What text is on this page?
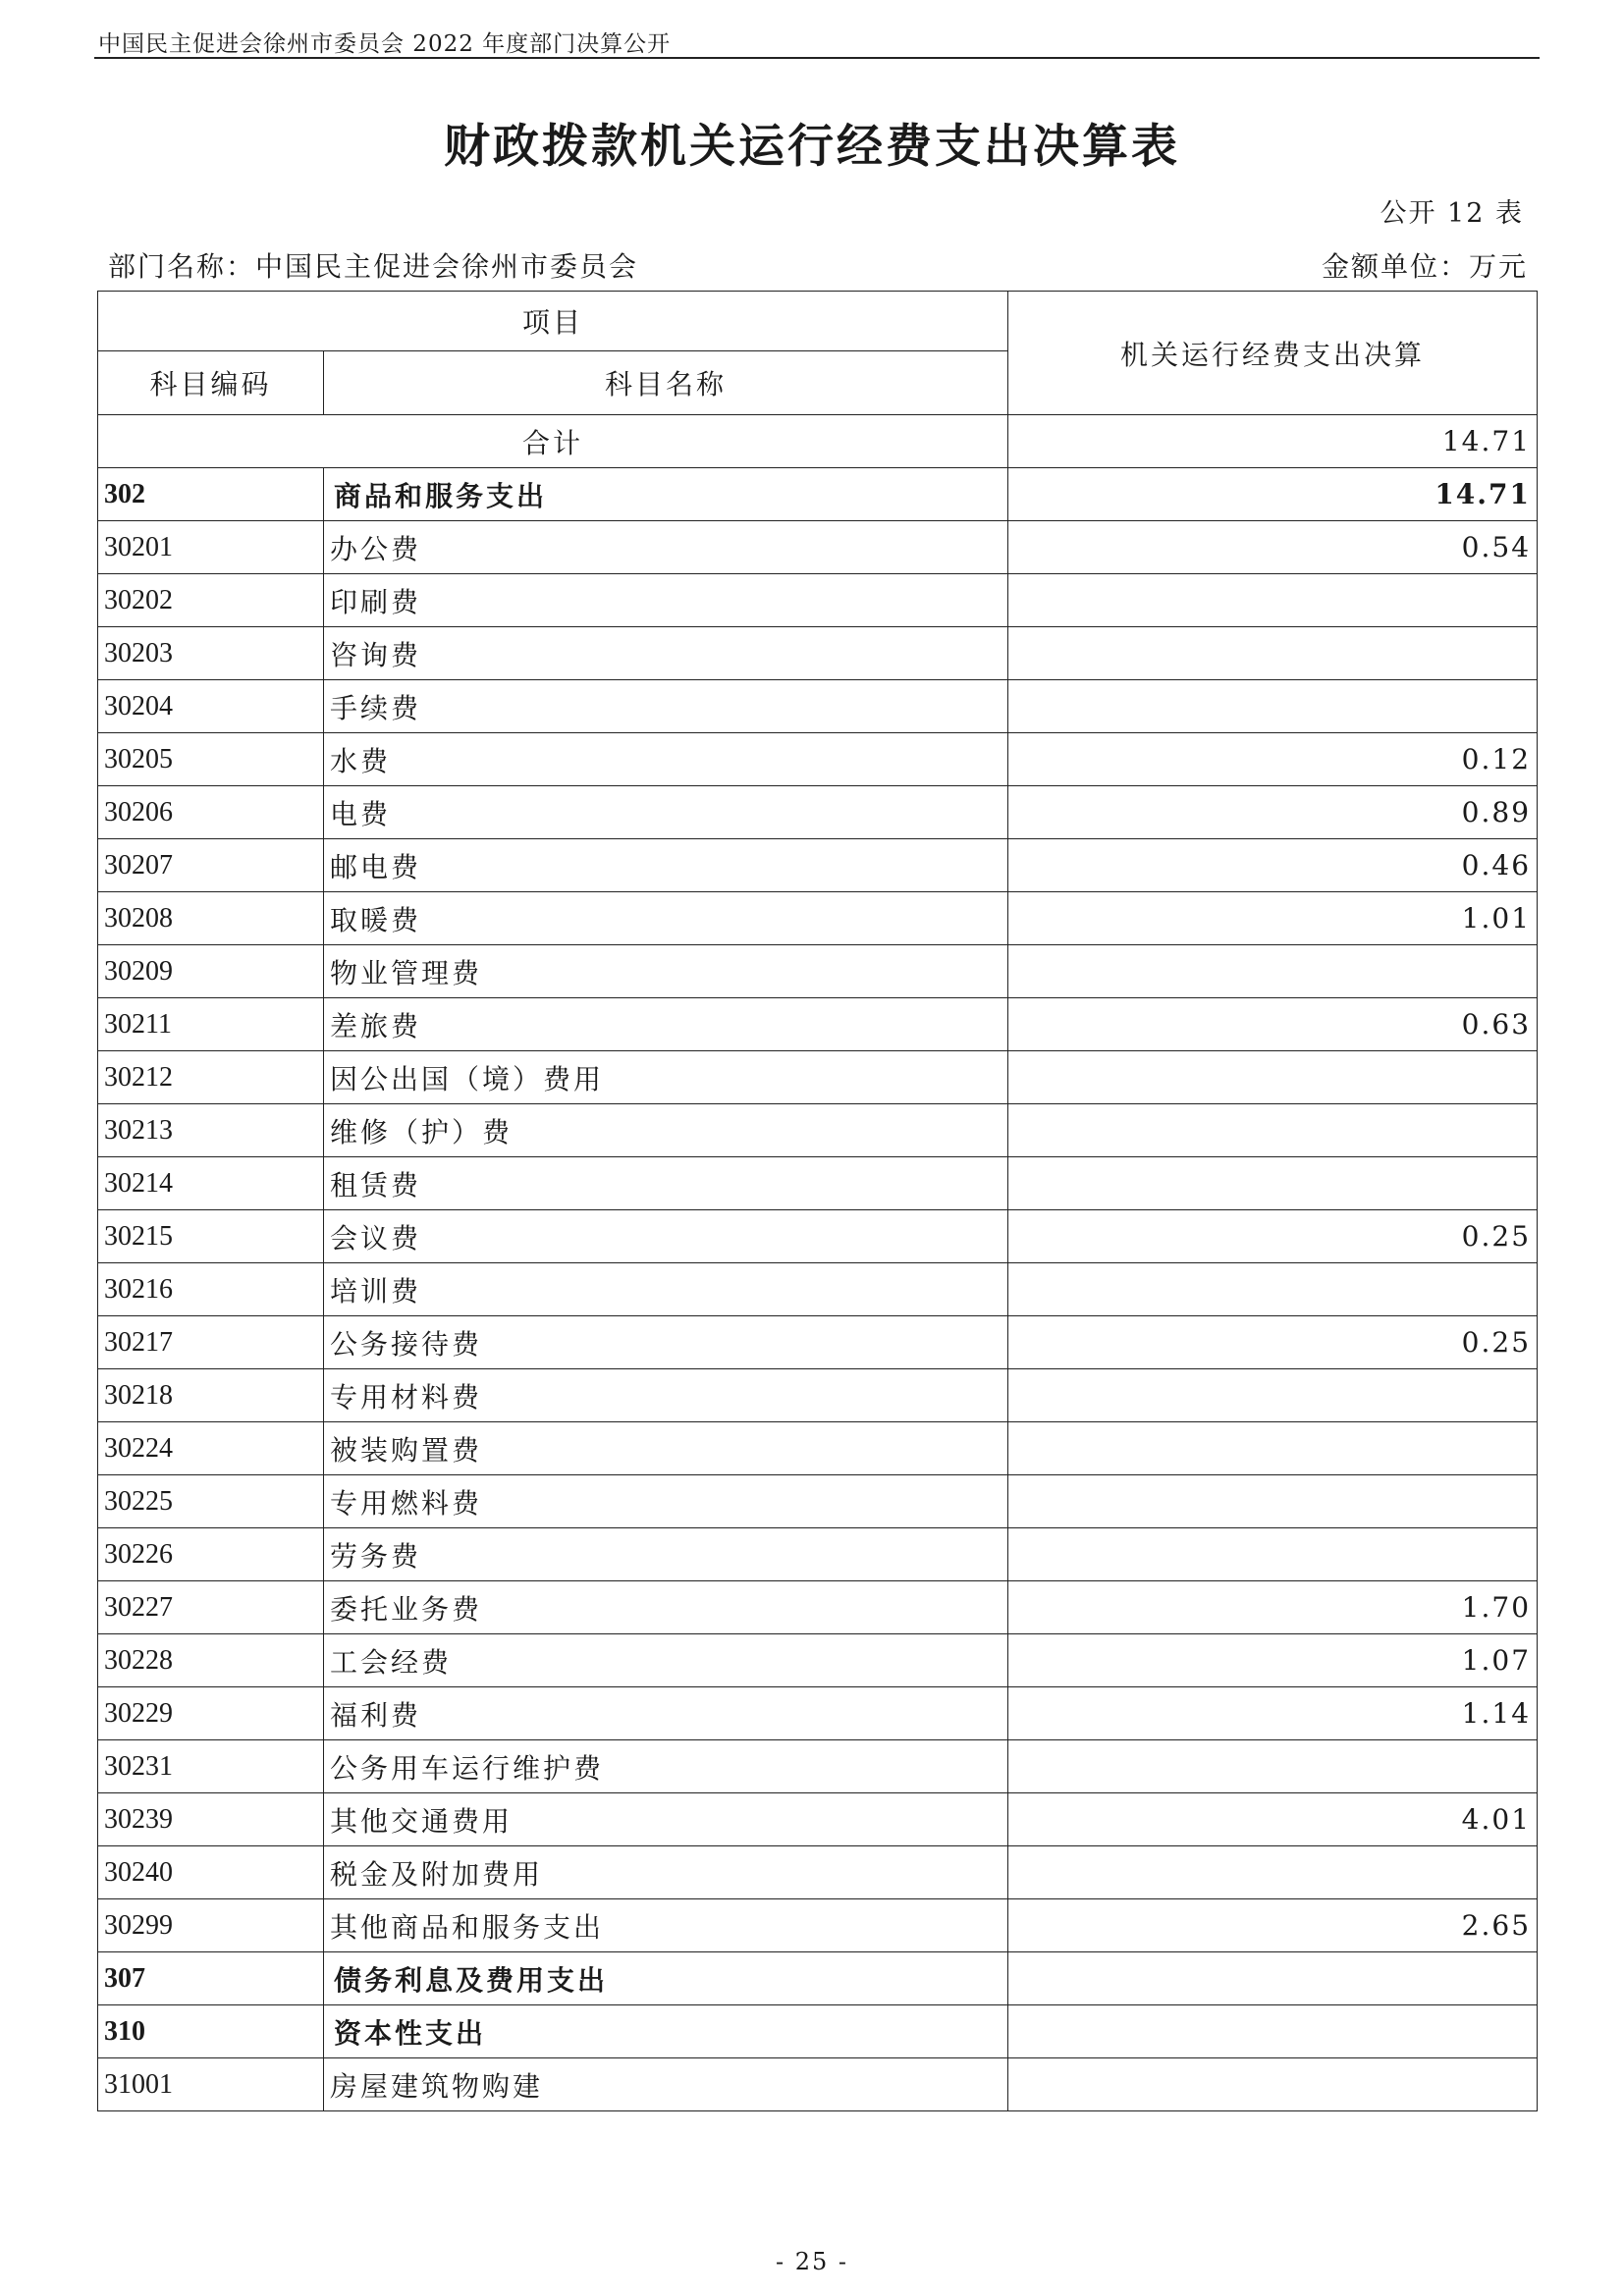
中国民主促进会徐州市委员会 2022 年度部门决算公开
财政拨款机关运行经费支出决算表
公开 12 表
部门名称：中国民主促进会徐州市委员会	金额单位：万元
项目		机关运行经费支出决算
科目编码	科目名称	
合计		14.71
302	商品和服务支出	14.71
30201	办公费	0.54
30202	印刷费	
30203	咨询费	
30204	手续费	
30205	水费	0.12
30206	电费	0.89
30207	邮电费	0.46
30208	取暖费	1.01
30209	物业管理费	
30211	差旅费	0.63
30212	因公出国（境）费用	
30213	维修（护）费	
30214	租赁费	
30215	会议费	0.25
30216	培训费	
30217	公务接待费	0.25
30218	专用材料费	
30224	被装购置费	
30225	专用燃料费	
30226	劳务费	
30227	委托业务费	1.70
30228	工会经费	1.07
30229	福利费	1.14
30231	公务用车运行维护费	
30239	其他交通费用	4.01
30240	税金及附加费用	
30299	其他商品和服务支出	2.65
307	债务利息及费用支出	
310	资本性支出	
31001	房屋建筑物购建	
- 25 -
